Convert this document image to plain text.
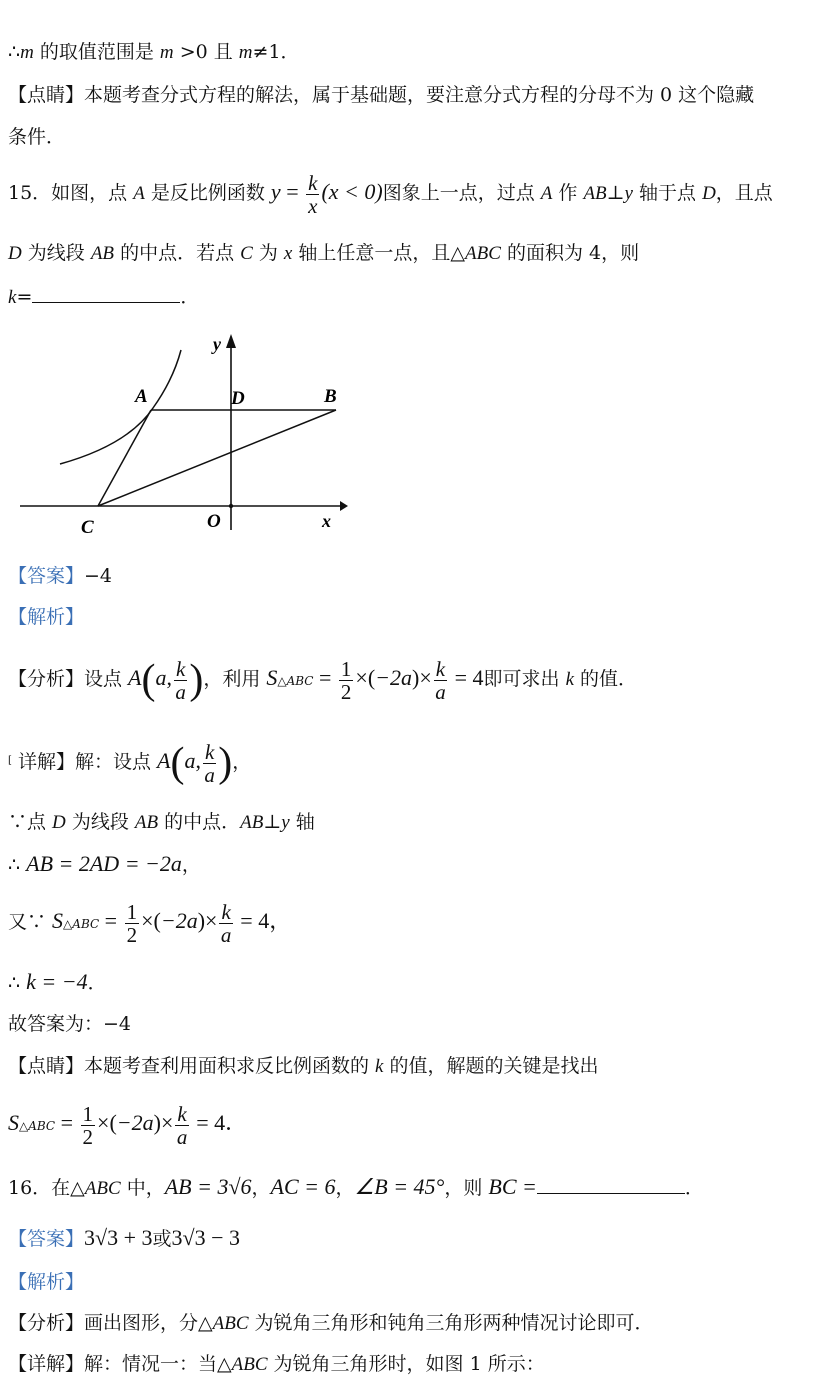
∴m 的取值范围是 m >0 且 m≠1．
【点睛】本题考查分式方程的解法，属于基础题，要注意分式方程的分母不为 0 这个隐藏
条件．
15．如图，点 A 是反比例函数 $y = \frac{k}{x} (x < 0)$图象上一点，过点 A 作 AB⊥y 轴于点 D，且点
D 为线段 AB 的中点．若点 C 为 x 轴上任意一点，且△ABC 的面积为 4，则
k=	．
y
x
A	B
C
D
O
【答案】−4
【解析】
【分析】设点 A(a, $\frac{k}{a}$ )，利用 S△ABC = $\frac{1}{2} \times(-2a)\times \frac{k}{a} = 4$即可求出 k 的值．
[ 详解】解：设点 A(a, $\frac{k}{a}$ )，
∵点 D 为线段 AB 的中点．AB⊥y 轴
∴ AB = 2AD = −2a，
又∵ S△ABC = $\frac{1}{2} \times(-2a)\times \frac{k}{a} = 4$，
∴ k = −4．
故答案为：−4
【点睛】本题考查利用面积求反比例函数的 k 的值，解题的关键是找出
S△ABC = $\frac{1}{2} \times(-2a)\times \frac{k}{a} = 4$．
16．在△ABC 中，AB = 3√6，AC = 6，∠B = 45°，则 BC =	．
【答案】3√3 + 3或3√3 − 3
【解析】
【分析】画出图形，分△ABC 为锐角三角形和钝角三角形两种情况讨论即可．
【详解】解：情况一：当△ABC 为锐角三角形时，如图 1 所示：
